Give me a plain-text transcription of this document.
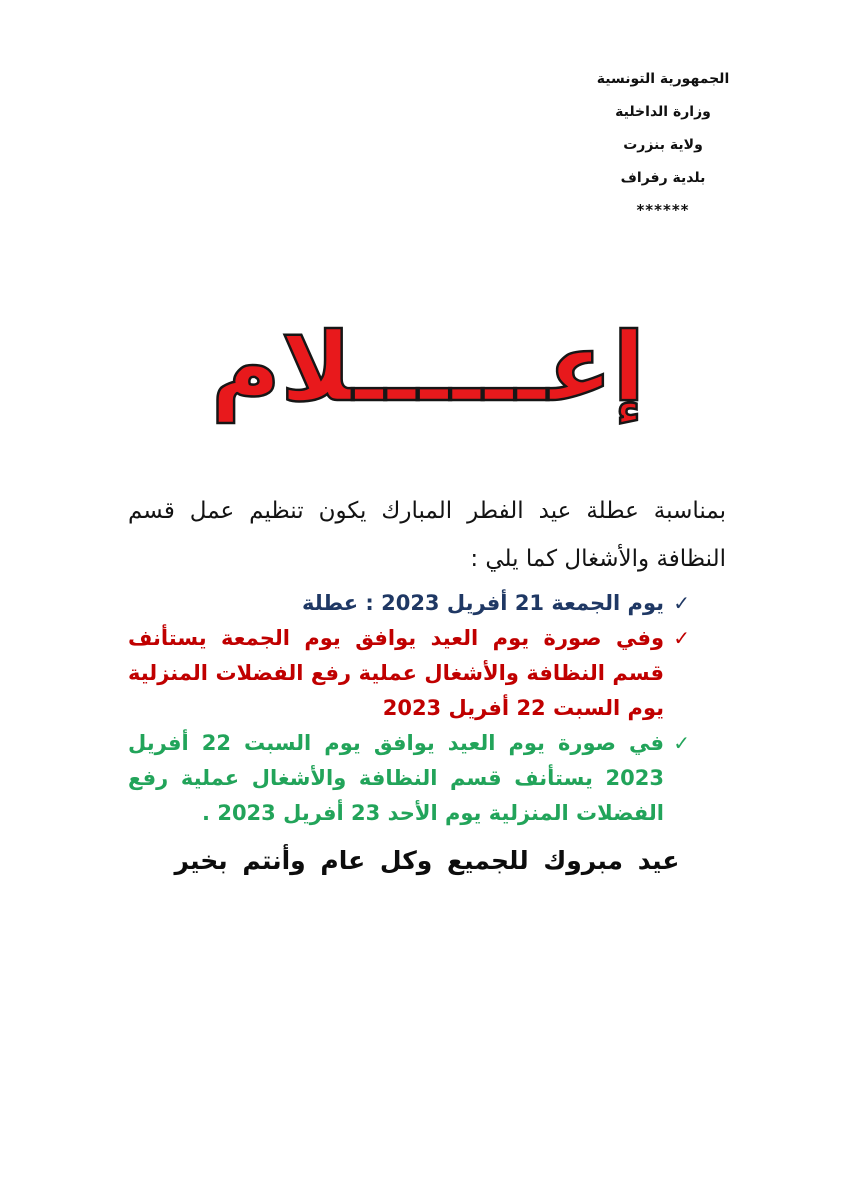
الجمهورية التونسية
وزارة الداخلية
ولاية بنزرت
بلدية رفراف
******
إعــــــلام

بمناسبة عطلة عيد الفطر المبارك يكون تنظيم عمل قسم النظافة والأشغال كما يلي :

✓
يوم الجمعة 21 أفريل 2023 : عطلة
✓
وفي صورة يوم العيد يوافق يوم الجمعة يستأنف قسم النظافة والأشغال عملية رفع الفضلات المنزلية يوم السبت 22 أفريل 2023
✓
في صورة يوم العيد يوافق يوم السبت 22 أفريل 2023 يستأنف قسم النظافة والأشغال عملية رفع الفضلات المنزلية يوم الأحد 23 أفريل 2023 .

عيد مبروك للجميع وكل عام وأنتم بخير
